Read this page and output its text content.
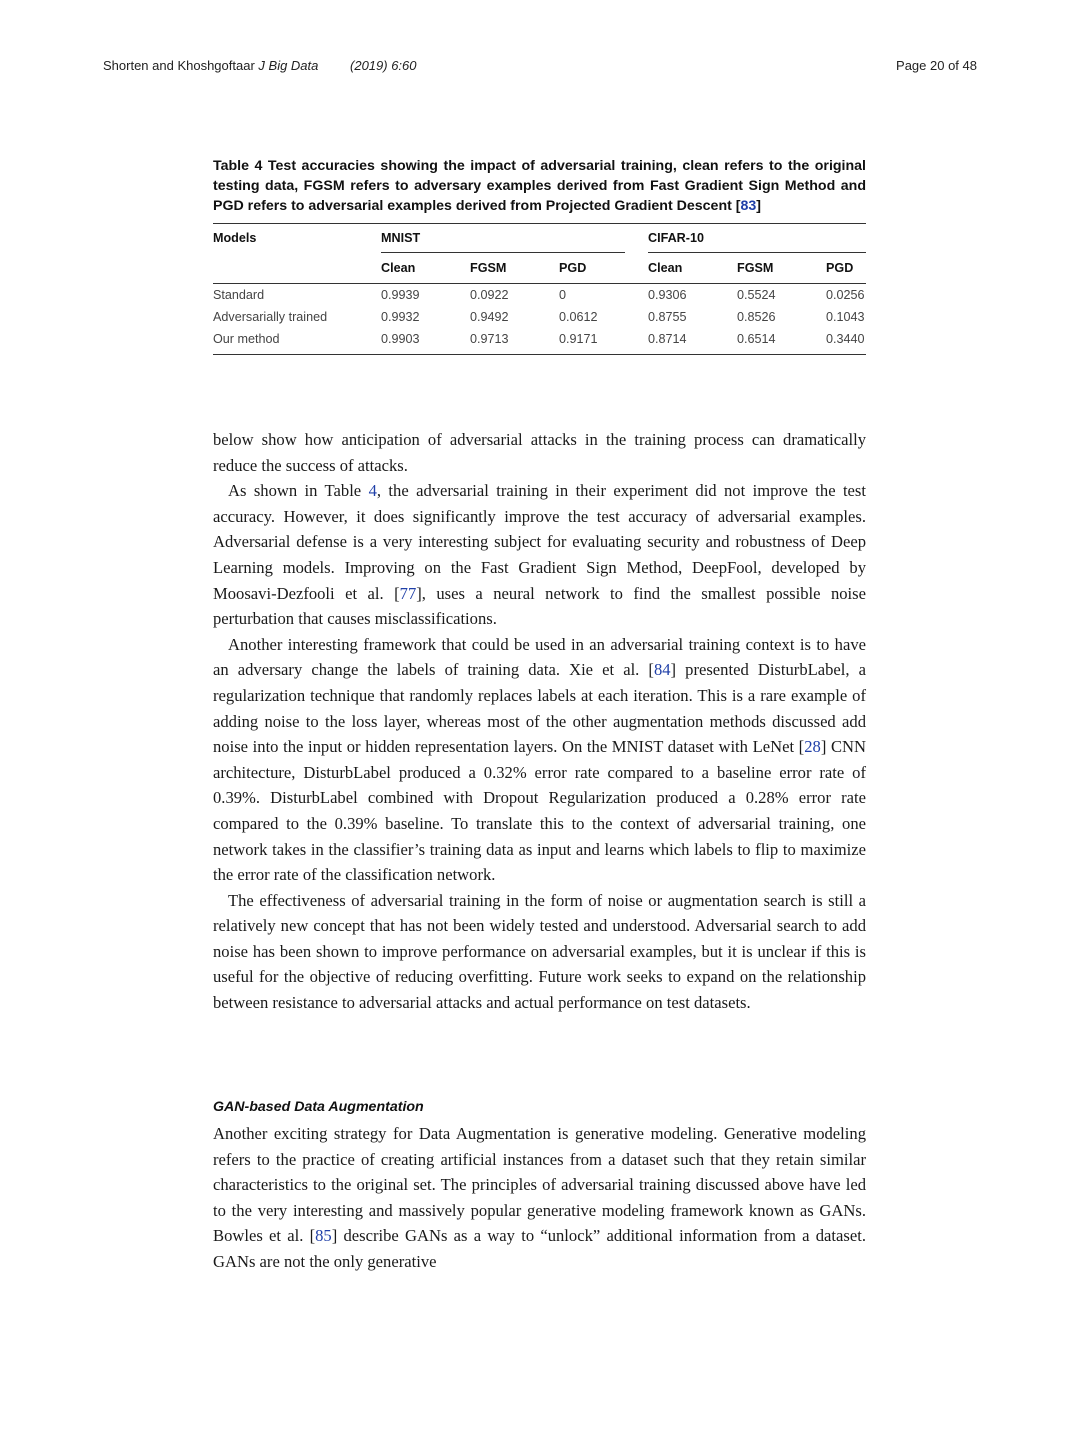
Shorten and Khoshgoftaar J Big Data (2019) 6:60	Page 20 of 48

Table 4 Test accuracies showing the impact of adversarial training, clean refers to the original testing data, FGSM refers to adversary examples derived from Fast Gradient Sign Method and PGD refers to adversarial examples derived from Projected Gradient Descent [83]

Models	MNIST				CIFAR-10		
	Clean	FGSM	PGD		Clean	FGSM	PGD
Standard	0.9939	0.0922	0		0.9306	0.5524	0.0256
Adversarially trained	0.9932	0.9492	0.0612		0.8755	0.8526	0.1043
Our method	0.9903	0.9713	0.9171		0.8714	0.6514	0.3440

below show how anticipation of adversarial attacks in the training process can dramatically reduce the success of attacks.

As shown in Table 4, the adversarial training in their experiment did not improve the test accuracy. However, it does significantly improve the test accuracy of adversarial examples. Adversarial defense is a very interesting subject for evaluating security and robustness of Deep Learning models. Improving on the Fast Gradient Sign Method, DeepFool, developed by Moosavi-Dezfooli et al. [77], uses a neural network to find the smallest possible noise perturbation that causes misclassifications.

Another interesting framework that could be used in an adversarial training context is to have an adversary change the labels of training data. Xie et al. [84] presented DisturbLabel, a regularization technique that randomly replaces labels at each iteration. This is a rare example of adding noise to the loss layer, whereas most of the other augmentation methods discussed add noise into the input or hidden representation layers. On the MNIST dataset with LeNet [28] CNN architecture, DisturbLabel produced a 0.32% error rate compared to a baseline error rate of 0.39%. DisturbLabel combined with Dropout Regularization produced a 0.28% error rate compared to the 0.39% baseline. To translate this to the context of adversarial training, one network takes in the classifier’s training data as input and learns which labels to flip to maximize the error rate of the classification network.

The effectiveness of adversarial training in the form of noise or augmentation search is still a relatively new concept that has not been widely tested and understood. Adversarial search to add noise has been shown to improve performance on adversarial examples, but it is unclear if this is useful for the objective of reducing overfitting. Future work seeks to expand on the relationship between resistance to adversarial attacks and actual performance on test datasets.

GAN-based Data Augmentation

Another exciting strategy for Data Augmentation is generative modeling. Generative modeling refers to the practice of creating artificial instances from a dataset such that they retain similar characteristics to the original set. The principles of adversarial training discussed above have led to the very interesting and massively popular generative modeling framework known as GANs. Bowles et al. [85] describe GANs as a way to “unlock” additional information from a dataset. GANs are not the only generative
